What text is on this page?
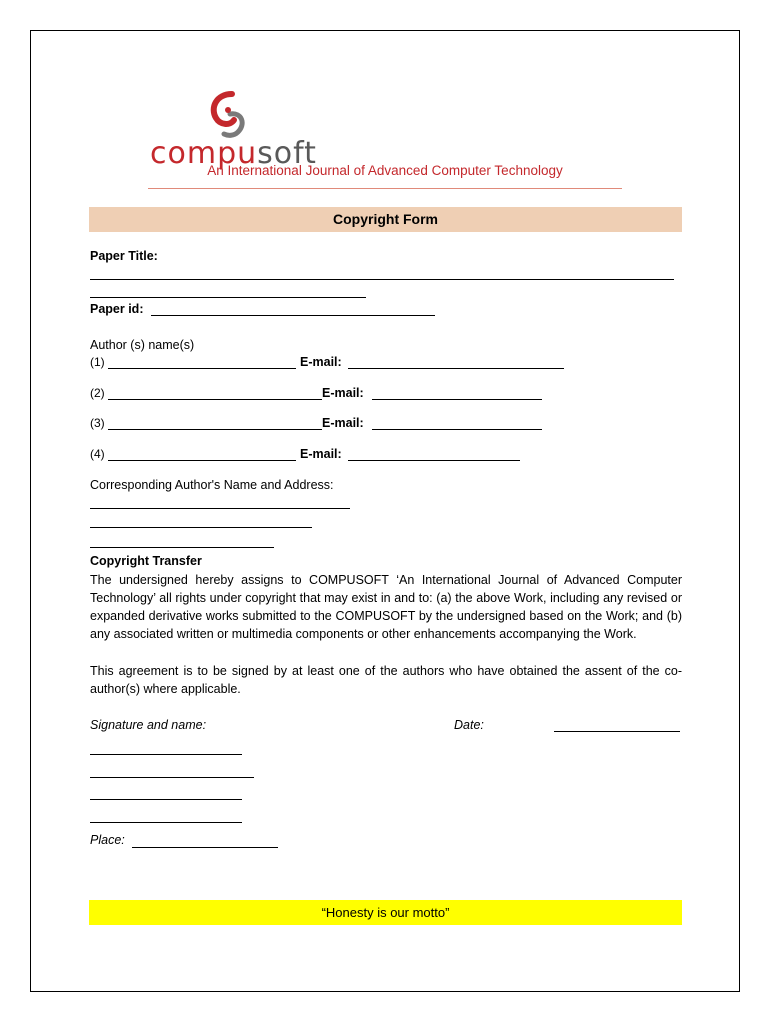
compusoft
An International Journal of Advanced Computer Technology
Copyright Form
Paper Title:
Paper id:
Author (s) name(s)
(1)	E-mail:
(2)	E-mail:
(3)	E-mail:
(4)	E-mail:
Corresponding Author's Name and Address:
Copyright Transfer
The undersigned hereby assigns to COMPUSOFT ‘An International Journal of Advanced Computer Technology’ all rights under copyright that may exist in and to: (a) the above Work, including any revised or expanded derivative works submitted to the COMPUSOFT by the undersigned based on the Work; and (b) any associated written or multimedia components or other enhancements accompanying the Work.
This agreement is to be signed by at least one of the authors who have obtained the assent of the co-author(s) where applicable.
Signature and name:	Date:
Place:
“Honesty is our motto”
